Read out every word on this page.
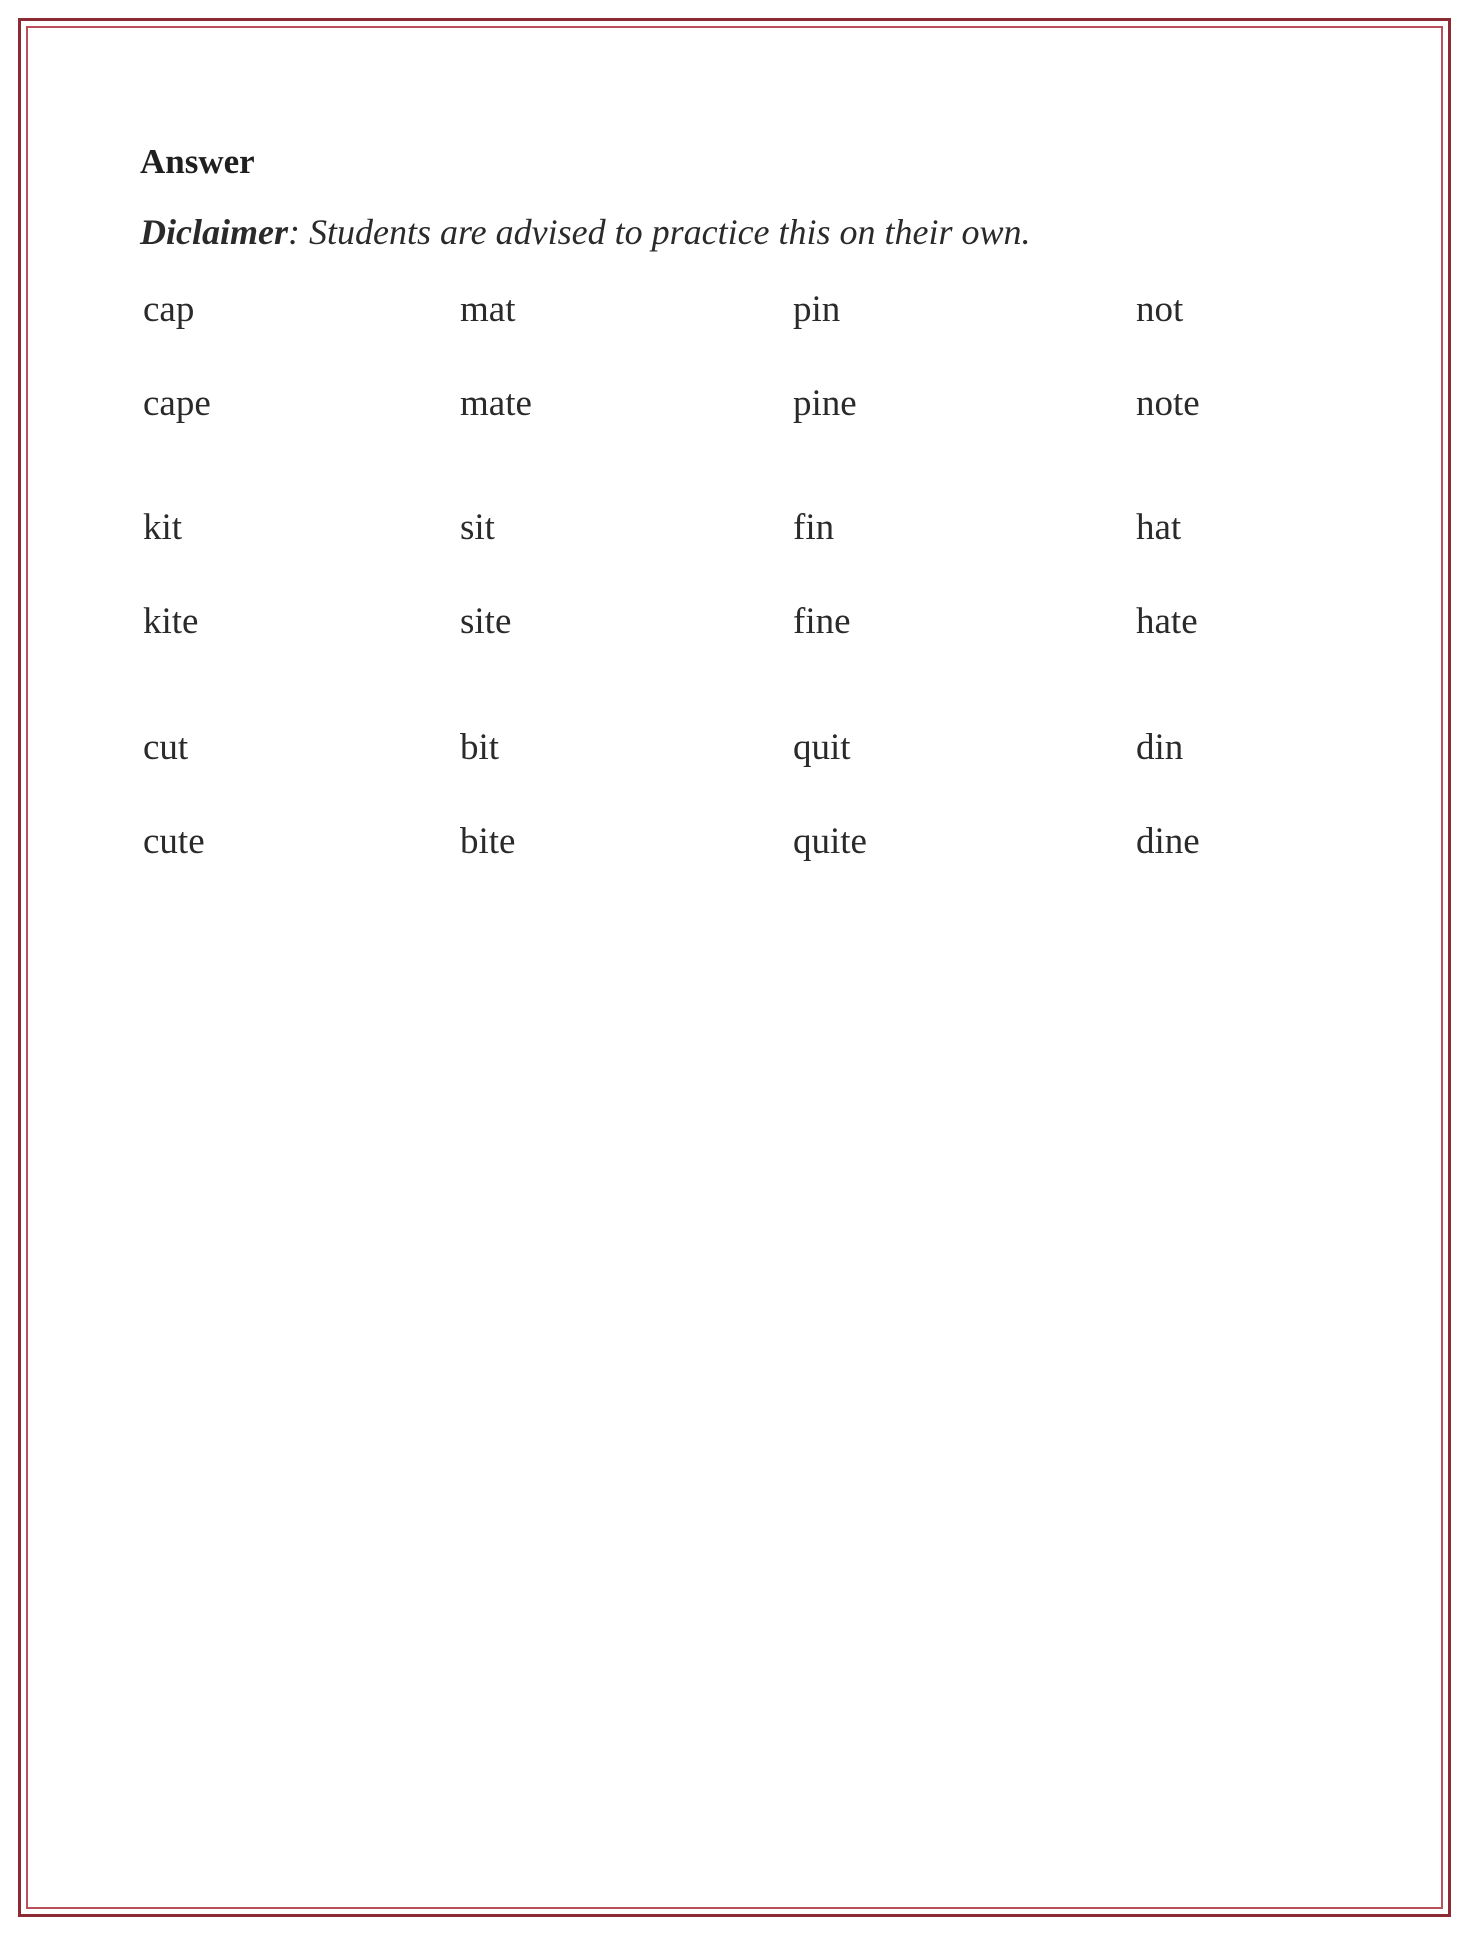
Answer
Diclaimer: Students are advised to practice this on their own.
cap	mat	pin	not
cape	mate	pine	note
kit	sit	fin	hat
kite	site	fine	hate
cut	bit	quit	din
cute	bite	quite	dine
